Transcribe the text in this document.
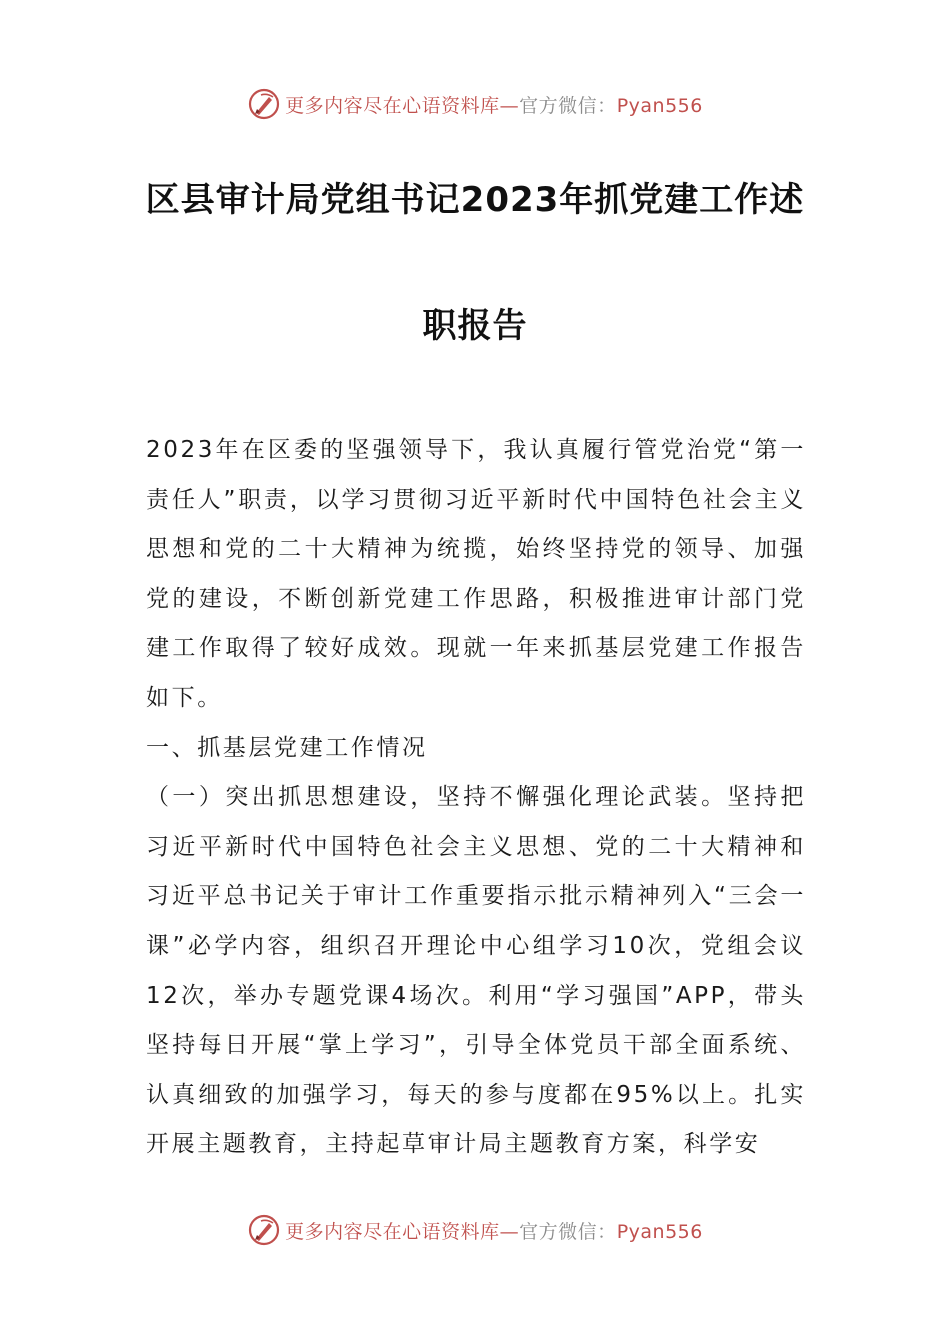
更多内容尽在心语资料库—官方微信：Pyan556
区县审计局党组书记2023年抓党建工作述
职报告

2023年在区委的坚强领导下，我认真履行管党治党“第一责任人”职责，以学习贯彻习近平新时代中国特色社会主义思想和党的二十大精神为统揽，始终坚持党的领导、加强党的建设，不断创新党建工作思路，积极推进审计部门党建工作取得了较好成效。现就一年来抓基层党建工作报告如下。

一、抓基层党建工作情况

（一）突出抓思想建设，坚持不懈强化理论武装。坚持把习近平新时代中国特色社会主义思想、党的二十大精神和习近平总书记关于审计工作重要指示批示精神列入“三会一课”必学内容，组织召开理论中心组学习10次，党组会议12次，举办专题党课4场次。利用“学习强国”APP，带头坚持每日开展“掌上学习”，引导全体党员干部全面系统、认真细致的加强学习，每天的参与度都在95%以上。扎实开展主题教育，主持起草审计局主题教育方案，科学安

更多内容尽在心语资料库—官方微信：Pyan556
